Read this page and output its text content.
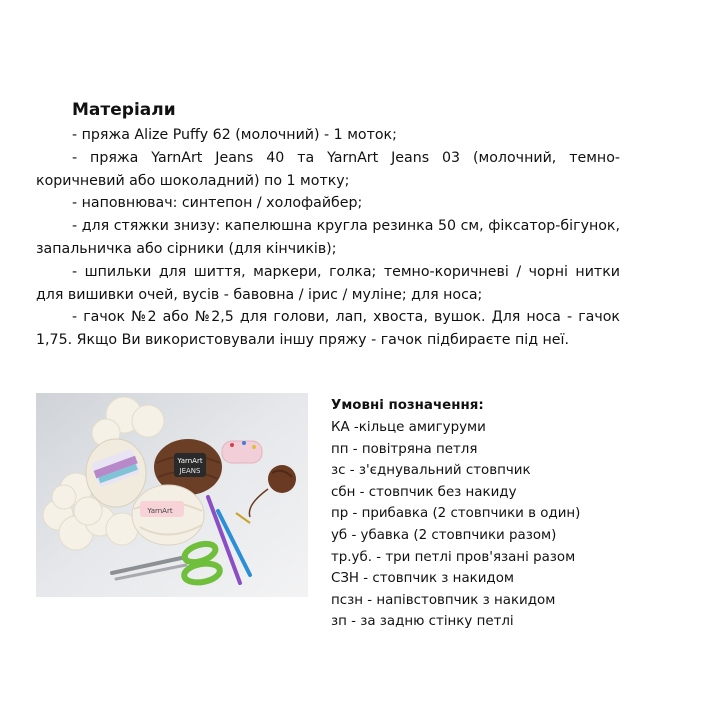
Матеріали

- пряжа Alize Puffy 62 (молочний) - 1 моток;

- пряжа YarnArt Jeans 40 та YarnArt Jeans 03 (молочний, темно-коричневий або шоколадний) по 1 мотку;

- наповнювач: синтепон / холофайбер;

- для стяжки знизу: капелюшна кругла резинка 50 см, фіксатор-бігунок, запальничка або сірники (для кінчиків);

- шпильки для шиття, маркери, голка; темно-коричневі / чорні нитки для вишивки очей, вусів - бавовна / ірис / муліне; для носа;

- гачок №2 або №2,5 для голови, лап, хвоста, вушок. Для носа - гачок 1,75. Якщо Ви використовували іншу пряжу - гачок підбираєте під неї.

YarnArt
JEANS
YarnArt

Умовні позначення:

КА -кільце амигуруми

пп - повітряна петля

зс - з'єднувальний стовпчик

сбн - стовпчик без накиду

пр - прибавка (2 стовпчики в один)

уб - убавка (2 стовпчики разом)

тр.уб. - три петлі пров'язані разом

СЗН - стовпчик з накидом

псзн - напівстовпчик з накидом

зп - за задню стінку петлі
